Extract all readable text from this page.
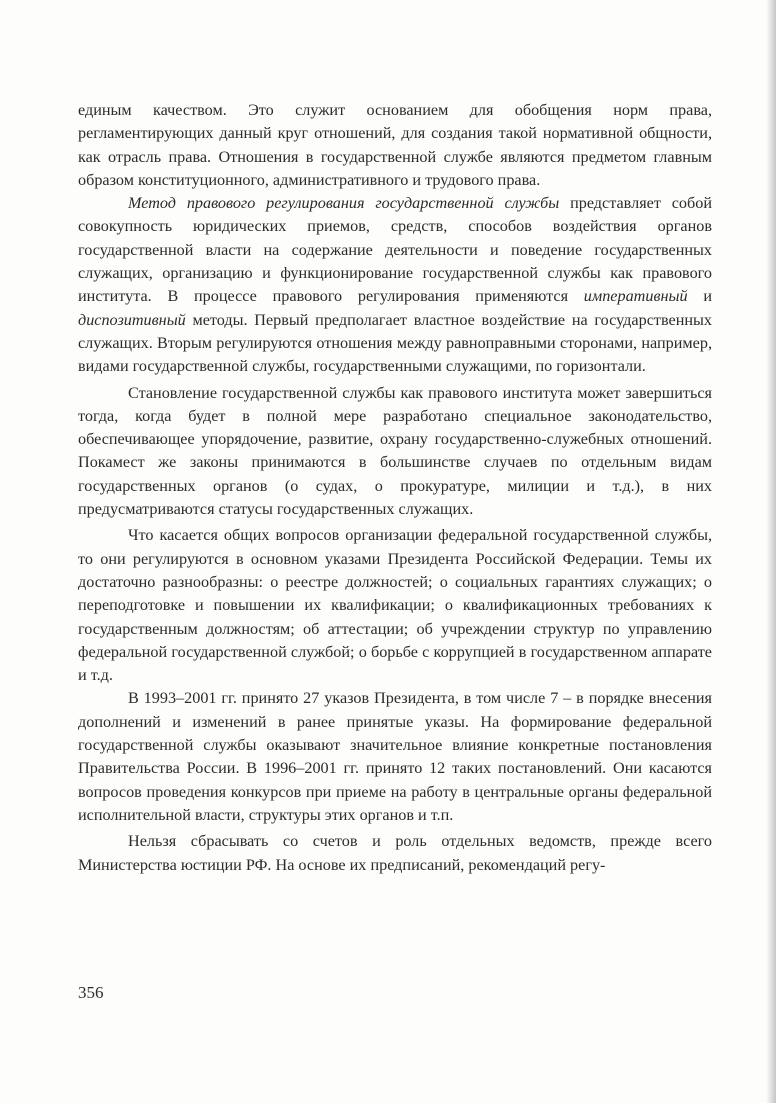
единым качеством. Это служит основанием для обобщения норм права, регламентирующих данный круг отношений, для создания такой нормативной общности, как отрасль права. Отношения в государственной службе являются предметом главным образом конституционного, административного и трудового права.

Метод правового регулирования государственной службы представляет собой совокупность юридических приемов, средств, способов воздействия органов государственной власти на содержание деятельности и поведение государственных служащих, организацию и функционирование государственной службы как правового института. В процессе правового регулирования применяются императивный и диспозитивный методы. Первый предполагает властное воздействие на государственных служащих. Вторым регулируются отношения между равноправными сторонами, например, видами государственной службы, государственными служащими, по горизонтали.

Становление государственной службы как правового института может завершиться тогда, когда будет в полной мере разработано специальное законодательство, обеспечивающее упорядочение, развитие, охрану государственно-служебных отношений. Покамест же законы принимаются в большинстве случаев по отдельным видам государственных органов (о судах, о прокуратуре, милиции и т.д.), в них предусматриваются статусы государственных служащих.

Что касается общих вопросов организации федеральной государственной службы, то они регулируются в основном указами Президента Российской Федерации. Темы их достаточно разнообразны: о реестре должностей; о социальных гарантиях служащих; о переподготовке и повышении их квалификации; о квалификационных требованиях к государственным должностям; об аттестации; об учреждении структур по управлению федеральной государственной службой; о борьбе с коррупцией в государственном аппарате и т.д.

В 1993–2001 гг. принято 27 указов Президента, в том числе 7 – в порядке внесения дополнений и изменений в ранее принятые указы. На формирование федеральной государственной службы оказывают значительное влияние конкретные постановления Правительства России. В 1996–2001 гг. принято 12 таких постановлений. Они касаются вопросов проведения конкурсов при приеме на работу в центральные органы федеральной исполнительной власти, структуры этих органов и т.п.

Нельзя сбрасывать со счетов и роль отдельных ведомств, прежде всего Министерства юстиции РФ. На основе их предписаний, рекомендаций регу-

356
